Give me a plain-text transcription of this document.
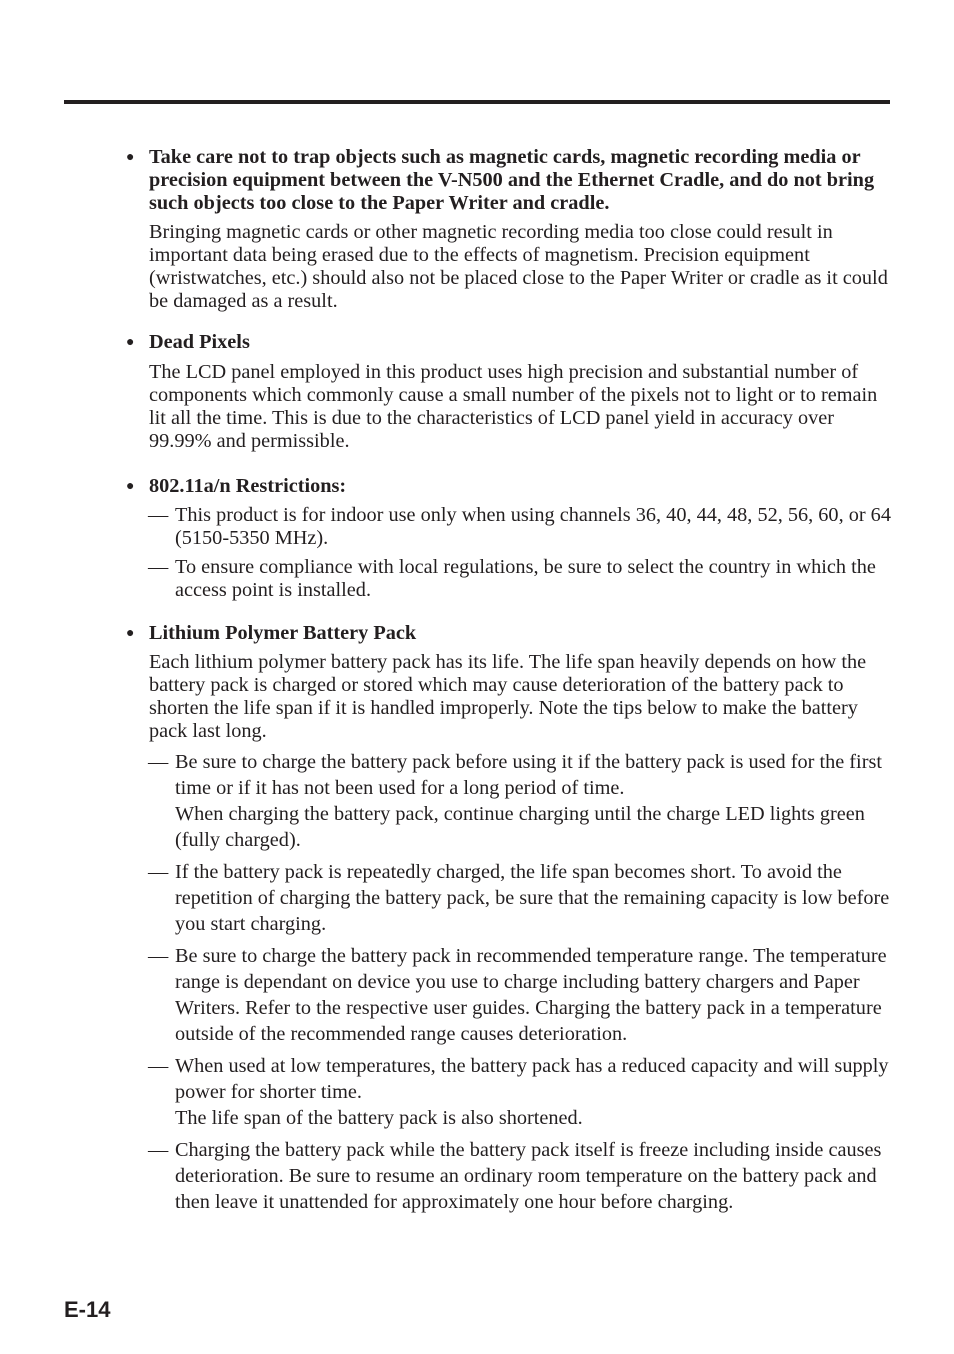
● Take care not to trap objects such as magnetic cards, magnetic recording media or precision equipment between the V-N500 and the Ethernet Cradle, and do not bring such objects too close to the Paper Writer and cradle.
Bringing magnetic cards or other magnetic recording media too close could result in important data being erased due to the effects of magnetism. Precision equipment (wristwatches, etc.) should also not be placed close to the Paper Writer or cradle as it could be damaged as a result.
● Dead Pixels
The LCD panel employed in this product uses high precision and substantial number of components which commonly cause a small number of the pixels not to light or to remain lit all the time. This is due to the characteristics of LCD panel yield in accuracy over 99.99% and permissible.
● 802.11a/n Restrictions:
— This product is for indoor use only when using channels 36, 40, 44, 48, 52, 56, 60, or 64 (5150-5350 MHz).
— To ensure compliance with local regulations, be sure to select the country in which the access point is installed.
● Lithium Polymer Battery Pack
Each lithium polymer battery pack has its life. The life span heavily depends on how the battery pack is charged or stored which may cause deterioration of the battery pack to shorten the life span if it is handled improperly. Note the tips below to make the battery pack last long.
— Be sure to charge the battery pack before using it if the battery pack is used for the first time or if it has not been used for a long period of time.
When charging the battery pack, continue charging until the charge LED lights green (fully charged).
— If the battery pack is repeatedly charged, the life span becomes short. To avoid the repetition of charging the battery pack, be sure that the remaining capacity is low before you start charging.
— Be sure to charge the battery pack in recommended temperature range. The temperature range is dependant on device you use to charge including battery chargers and Paper Writers. Refer to the respective user guides. Charging the battery pack in a temperature outside of the recommended range causes deterioration.
— When used at low temperatures, the battery pack has a reduced capacity and will supply power for shorter time.
The life span of the battery pack is also shortened.
— Charging the battery pack while the battery pack itself is freeze including inside causes deterioration. Be sure to resume an ordinary room temperature on the battery pack and then leave it unattended for approximately one hour before charging.
E-14
